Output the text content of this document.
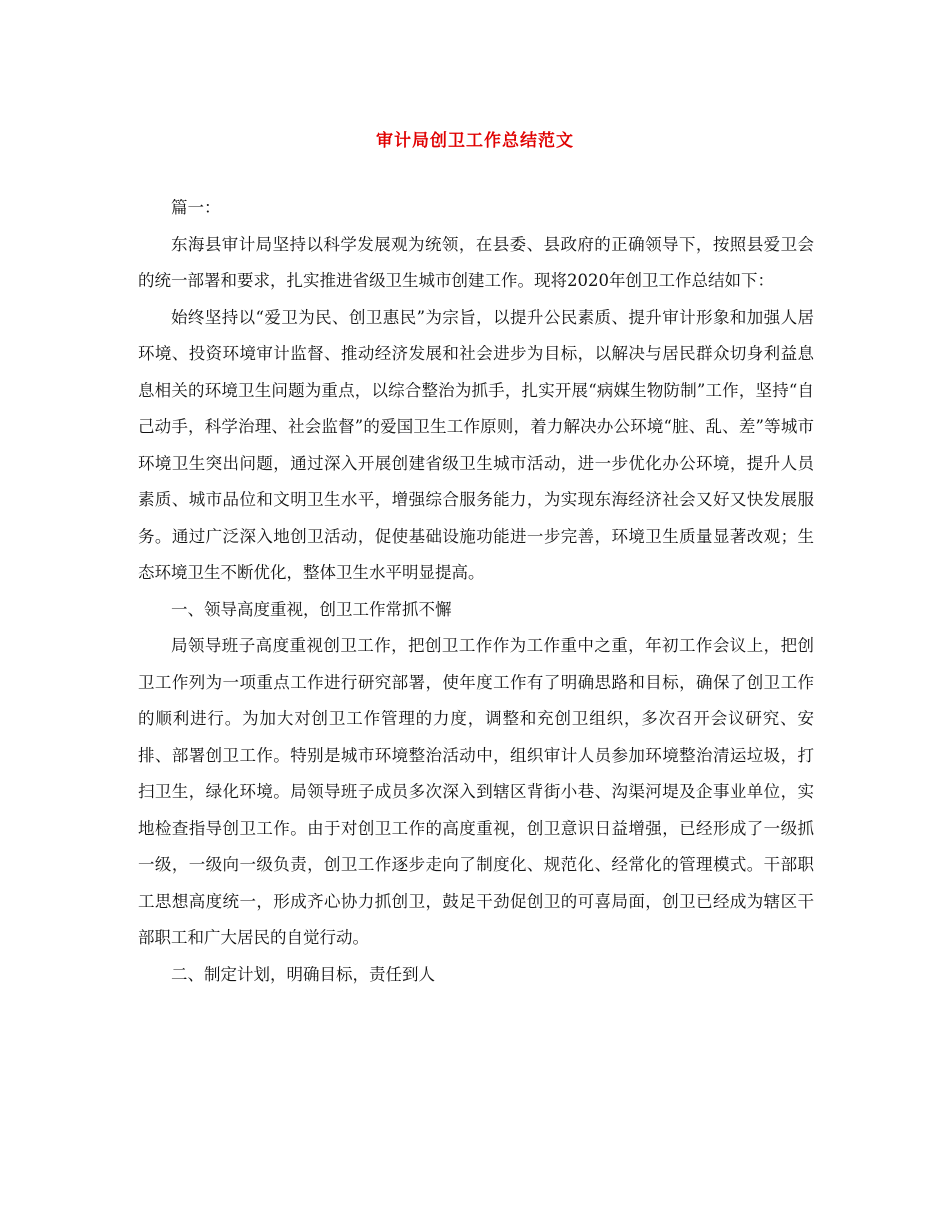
审计局创卫工作总结范文

篇一：

东海县审计局坚持以科学发展观为统领，在县委、县政府的正确领导下，按照县爱卫会的统一部署和要求，扎实推进省级卫生城市创建工作。现将2020年创卫工作总结如下：

始终坚持以“爱卫为民、创卫惠民”为宗旨，以提升公民素质、提升审计形象和加强人居环境、投资环境审计监督、推动经济发展和社会进步为目标，以解决与居民群众切身利益息息相关的环境卫生问题为重点，以综合整治为抓手，扎实开展“病媒生物防制”工作，坚持“自己动手，科学治理、社会监督”的爱国卫生工作原则，着力解决办公环境“脏、乱、差”等城市环境卫生突出问题，通过深入开展创建省级卫生城市活动，进一步优化办公环境，提升人员素质、城市品位和文明卫生水平，增强综合服务能力，为实现东海经济社会又好又快发展服务。通过广泛深入地创卫活动，促使基础设施功能进一步完善，环境卫生质量显著改观；生态环境卫生不断优化，整体卫生水平明显提高。

一、领导高度重视，创卫工作常抓不懈

局领导班子高度重视创卫工作，把创卫工作作为工作重中之重，年初工作会议上，把创卫工作列为一项重点工作进行研究部署，使年度工作有了明确思路和目标，确保了创卫工作的顺利进行。为加大对创卫工作管理的力度，调整和充创卫组织，多次召开会议研究、安排、部署创卫工作。特别是城市环境整治活动中，组织审计人员参加环境整治清运垃圾，打扫卫生，绿化环境。局领导班子成员多次深入到辖区背街小巷、沟渠河堤及企事业单位，实地检查指导创卫工作。由于对创卫工作的高度重视，创卫意识日益增强，已经形成了一级抓一级，一级向一级负责，创卫工作逐步走向了制度化、规范化、经常化的管理模式。干部职工思想高度统一，形成齐心协力抓创卫，鼓足干劲促创卫的可喜局面，创卫已经成为辖区干部职工和广大居民的自觉行动。

二、制定计划，明确目标，责任到人
